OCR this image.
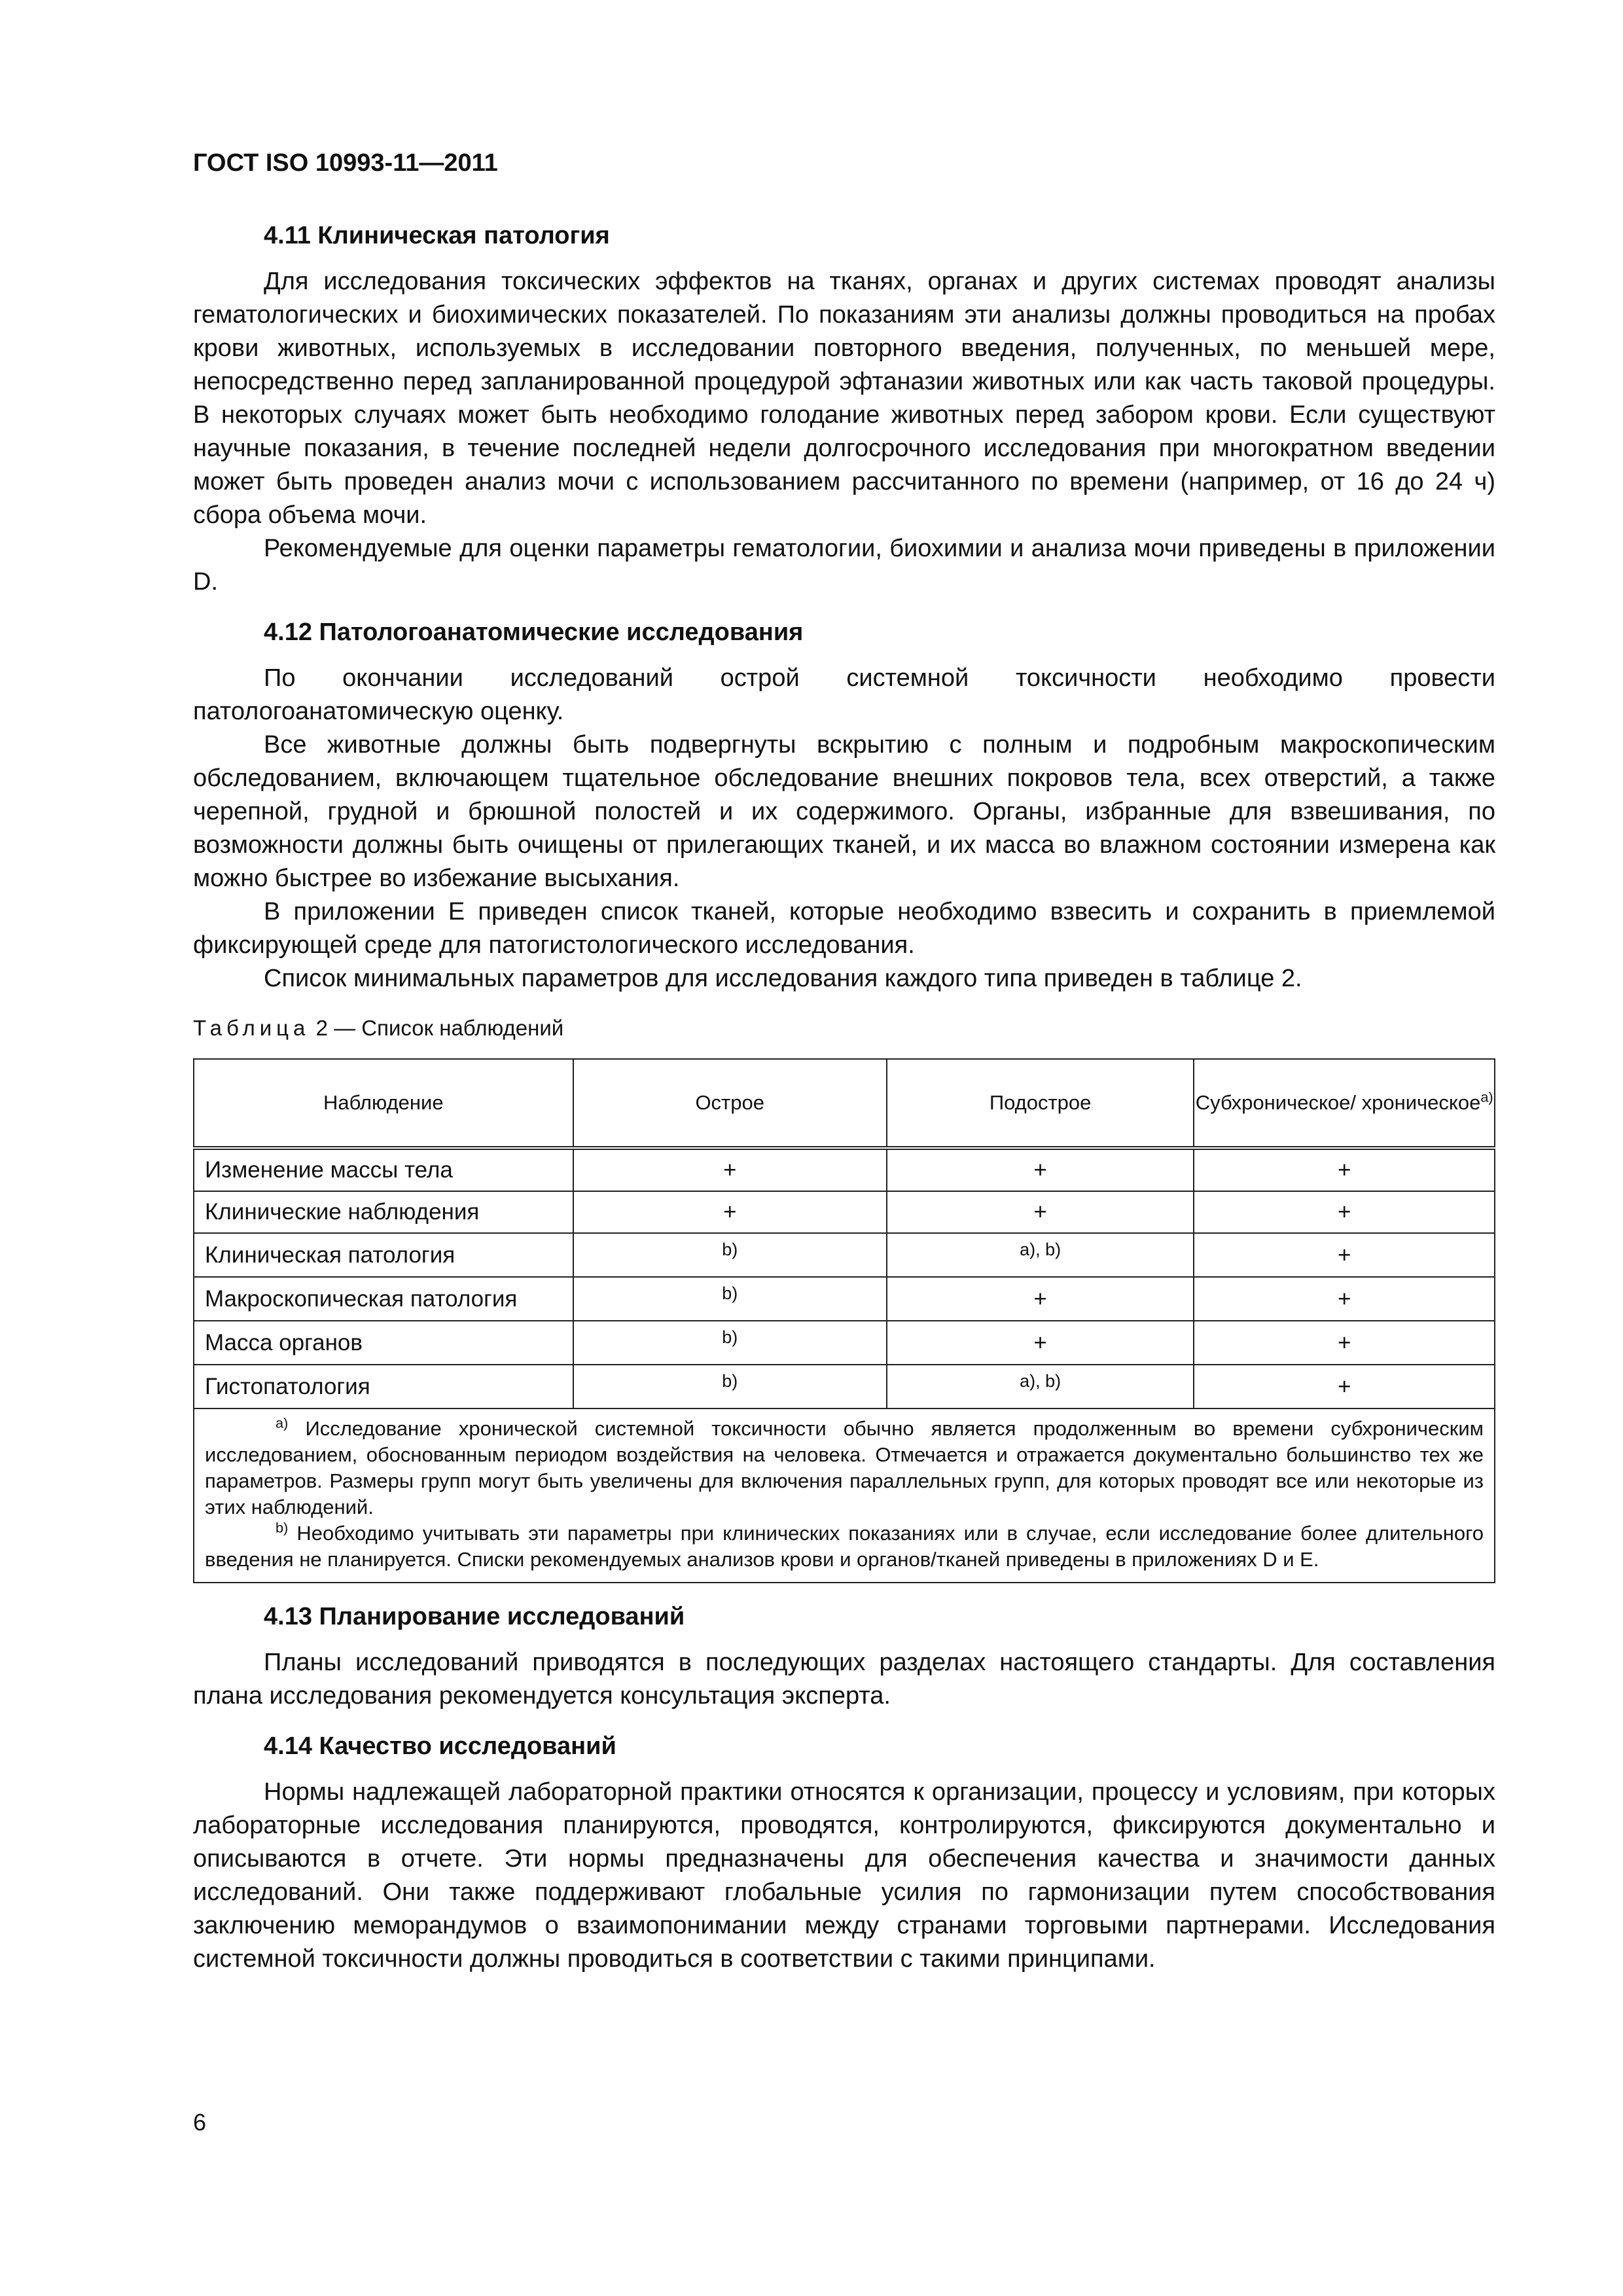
ГОСТ ISO 10993-11—2011
4.11 Клиническая патология

Для исследования токсических эффектов на тканях, органах и других системах проводят анализы гематологических и биохимических показателей. По показаниям эти анализы должны проводиться на пробах крови животных, используемых в исследовании повторного введения, полученных, по меньшей мере, непосредственно перед запланированной процедурой эфтаназии животных или как часть таковой процедуры. В некоторых случаях может быть необходимо голодание животных перед забором крови. Если существуют научные показания, в течение последней недели долгосрочного исследования при многократном введении может быть проведен анализ мочи с использованием рассчитанного по времени (например, от 16 до 24 ч) сбора объема мочи.

Рекомендуемые для оценки параметры гематологии, биохимии и анализа мочи приведены в приложении D.

4.12 Патологоанатомические исследования

По окончании исследований острой системной токсичности необходимо провести патологоанатомическую оценку.

Все животные должны быть подвергнуты вскрытию с полным и подробным макроскопическим обследованием, включающем тщательное обследование внешних покровов тела, всех отверстий, а также черепной, грудной и брюшной полостей и их содержимого. Органы, избранные для взвешивания, по возможности должны быть очищены от прилегающих тканей, и их масса во влажном состоянии измерена как можно быстрее во избежание высыхания.

В приложении Е приведен список тканей, которые необходимо взвесить и сохранить в приемлемой фиксирующей среде для патогистологического исследования.

Список минимальных параметров для исследования каждого типа приведен в таблице 2.

Таблица 2 — Список наблюдений
Наблюдение	Острое	Подострое	Субхроническое/ хроническое$^{а)}$
Изменение массы тела	+	+	+
Клинические наблюдения	+	+	+
Клиническая патология	b)	a), b)	+
Макроскопическая патология	b)	+	+
Масса органов	b)	+	+
Гистопатология	b)	a), b)	+

$^{а)}$ Исследование хронической системной токсичности обычно является продолженным во времени субхроническим исследованием, обоснованным периодом воздействия на человека. Отмечается и отражается документально большинство тех же параметров. Размеры групп могут быть увеличены для включения параллельных групп, для которых проводят все или некоторые из этих наблюдений.

$^{b)}$ Необходимо учитывать эти параметры при клинических показаниях или в случае, если исследование более длительного введения не планируется. Списки рекомендуемых анализов крови и органов/тканей приведены в приложениях D и Е.			

4.13 Планирование исследований

Планы исследований приводятся в последующих разделах настоящего стандарты. Для составления плана исследования рекомендуется консультация эксперта.

4.14 Качество исследований

Нормы надлежащей лабораторной практики относятся к организации, процессу и условиям, при которых лабораторные исследования планируются, проводятся, контролируются, фиксируются документально и описываются в отчете. Эти нормы предназначены для обеспечения качества и значимости данных исследований. Они также поддерживают глобальные усилия по гармонизации путем способствования заключению меморандумов о взаимопонимании между странами торговыми партнерами. Исследования системной токсичности должны проводиться в соответствии с такими принципами.

6
